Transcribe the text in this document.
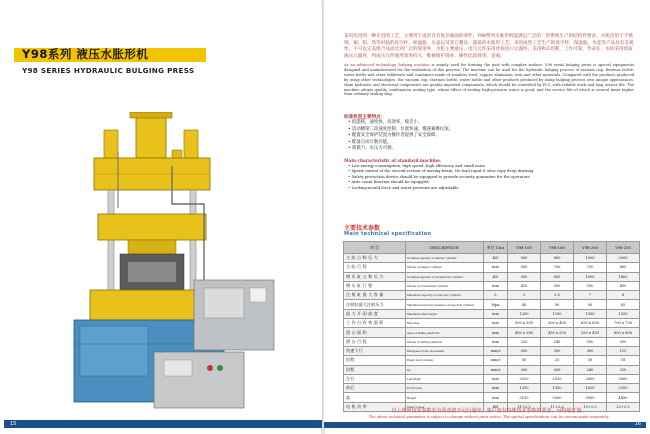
Y98系列 液压水胀形机
Y98 SERIES HYDRAULIC BULGING PRESS
15
采用先进的一种先进的工艺，主要用于成形具有复杂曲面的零件。Y98系列水胀形机能满足广泛的一管系统生产的结构件要求，水机适用于不锈钢、铜、铝、铁等材质的真空杯、保温瓶、水壶以及其它餐具、器皿的水胀形工艺，采用成型工艺生产的真空杯、保温瓶，水壶等产品具有美观性，不可以完美组合从而达到广泛的使用外，水机主要液压、电气元件采用优质进口元器件，采用PLC控制，工作可靠，寿命长，水机采用优质液压元器件，所成压元件使用效率持久，维修维护简单，操作比较简单，直观。
As an advanced technology, bulging machine is mainly used for forming the part with complex surface. Y98 serial bulging press is special equipments designed and manufactured for the realization of this process. The machine can be used for the hydraulic bulging process of vacuum cup, thermos bottle, water bottle and other tableware and containers made of stainless steel, copper, aluminum, iron and other materials. Compared with the products produced by using other technologies, the vacuum cup, thermos bottle, water bottle and other products produced by using bulging process own unique appearances. Main hydraulic and electrical components are quality imported components, which should be controlled by PLC, with reliable work and long service life. The machine adopts quality combination sealing type, whose effect of sealing high-pressure water is good, and the service life of which is several times higher than ordinary sealing ring.
标准机型主要特点：
• 低能耗，速度快，高效率，噪音小。
• 活动横梁二段速度控制，位置快速，慢速兼爆拉深。
• 配置安全保护装置为操作者提供了安全保障。
• 配备自动计数功能。
• 锁模力、水压力可调。
Main characteristic of standard machine.
• Low energy consumption, high speed, high efficiency and small noise
• Speed control of the second section of moving beam, No-load rapid & slow copy deep drawing
• Safety protection device should be equipped to provide security guarantee for the operators
• Auto count function should be equipped.
• Locking-mould force and water pressure are adjustable
主要技术参数
Main technical specification
项 目	DESCRIPTION	单位 Unit	Y98-100	Y98-160	Y98-200	Y98-350
主 缸 公 称 压 力	Nominal capacity of master cylinder	KN	500	800	1000	2000
主 缸 行 程	Stroke of master cylinder	mm	500	700	750	800
增 压 缸 公 称 压 力	Nominal capacity of pressurized cylinder	KN	500	800	1000	1400
增 压 缸 行 程	Stroke of pressurized cylinder	mm	410	350	350	450
注 射 缸 最 大 容 量	Maximum capacity of injection cylinder	L	3	5.5	7	8
注射缸最大注射压力	Maximum injection pressure of injection cylinder	Mpa	40	50	50	85
最 大 开 闭 高 度	Maximum shut height	mm	1200	1200	1300	1500
工 作 台 有 效 面 积	Bed area	mm	500 x 300	500 x 400	650 x 650	700 x 700
滑 台 面 积	Area of sliding platform	mm	400 x 380	450 x 350	550 x 450	600 x 600
滑 台 行 程	Stroke of sliding platform	mm	220	240	350	350
快速下行	Fastspeed down movement	mm/s	300	300	300	115
回程	Rapid mold closing	mm/s	30	25	30	18
回程	Up	mm/s	200	300	240	210
左右	Left Right	mm	2020	2535	2600	3000
前后	Front back	mm	1350	1300	1620	2300
高	Height	mm	3150	3300	3950	4450
电 机 功 率	Motor power	kW	11+2.2	11+2.2	15+2.2	22+2.2
以上所列技术参数若有更改恕不另行通知，客户如有特殊技术参数的要求，可特别订做。
The above technical parameter is subject to change without prior notice. The special specifications can be custom made separately.
16
